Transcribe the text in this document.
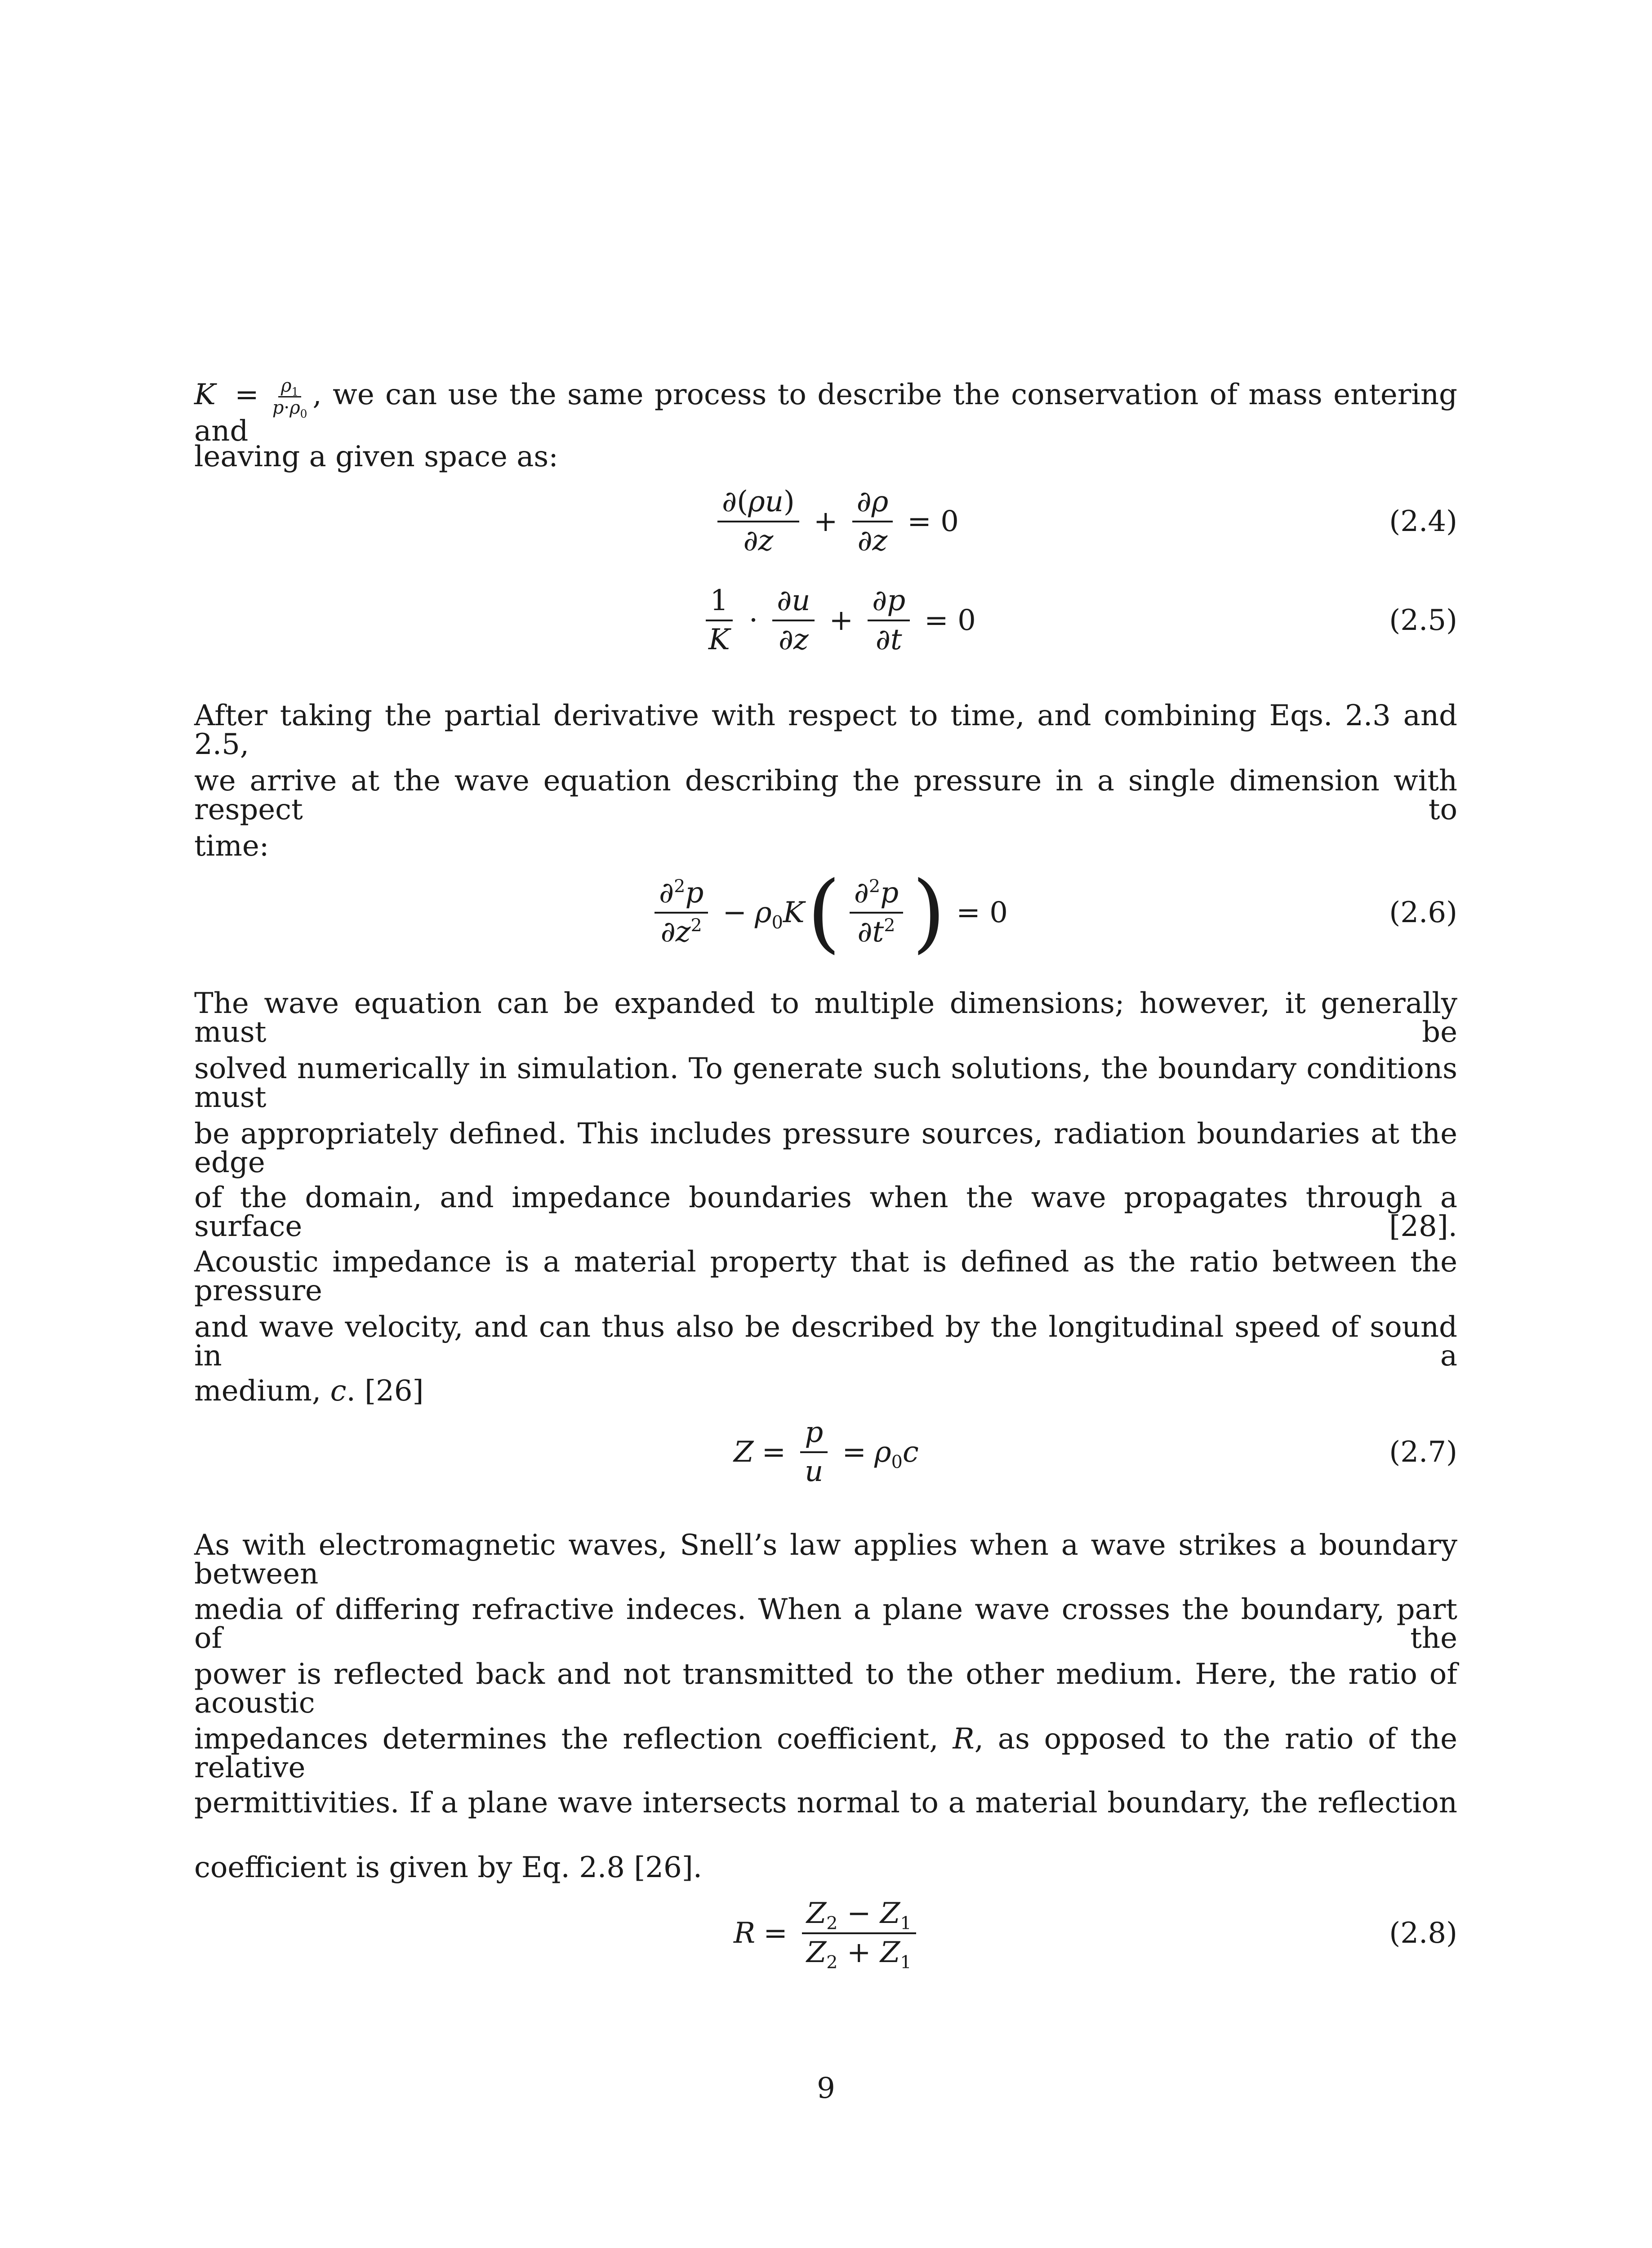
$K = \frac{\rho_1}{p\cdot\rho_0}$ , we can use the same process to describe the conservation of mass entering and
leaving a given space as:
$\frac{\partial(\rho u)}{\partial z} + \frac{\partial\rho}{\partial z} = 0$	(2.4)
$\frac{1}{K} \cdot \frac{\partial u}{\partial z} + \frac{\partial p}{\partial t} = 0$	(2.5)
After taking the partial derivative with respect to time, and combining Eqs. 2.3 and 2.5,
we arrive at the wave equation describing the pressure in a single dimension with respect to
time:
$\frac{\partial^2p}{\partial z^2} - \rho_0K$ ( $\frac{\partial^2p}{\partial t^2}$ ) = 0	(2.6)
The wave equation can be expanded to multiple dimensions; however, it generally must be
solved numerically in simulation. To generate such solutions, the boundary conditions must
be appropriately defined. This includes pressure sources, radiation boundaries at the edge
of the domain, and impedance boundaries when the wave propagates through a surface [28].
Acoustic impedance is a material property that is defined as the ratio between the pressure
and wave velocity, and can thus also be described by the longitudinal speed of sound in a
medium, c. [26]
$Z = \frac{p}{u} = \rho_0c$	(2.7)
As with electromagnetic waves, Snell’s law applies when a wave strikes a boundary between
media of differing refractive indeces. When a plane wave crosses the boundary, part of the
power is reflected back and not transmitted to the other medium. Here, the ratio of acoustic
impedances determines the reflection coefficient, R, as opposed to the ratio of the relative
permittivities. If a plane wave intersects normal to a material boundary, the reflection
coefficient is given by Eq. 2.8 [26].
$R = \frac{Z_2 - Z_1}{Z_2 + Z_1}$	(2.8)
9
